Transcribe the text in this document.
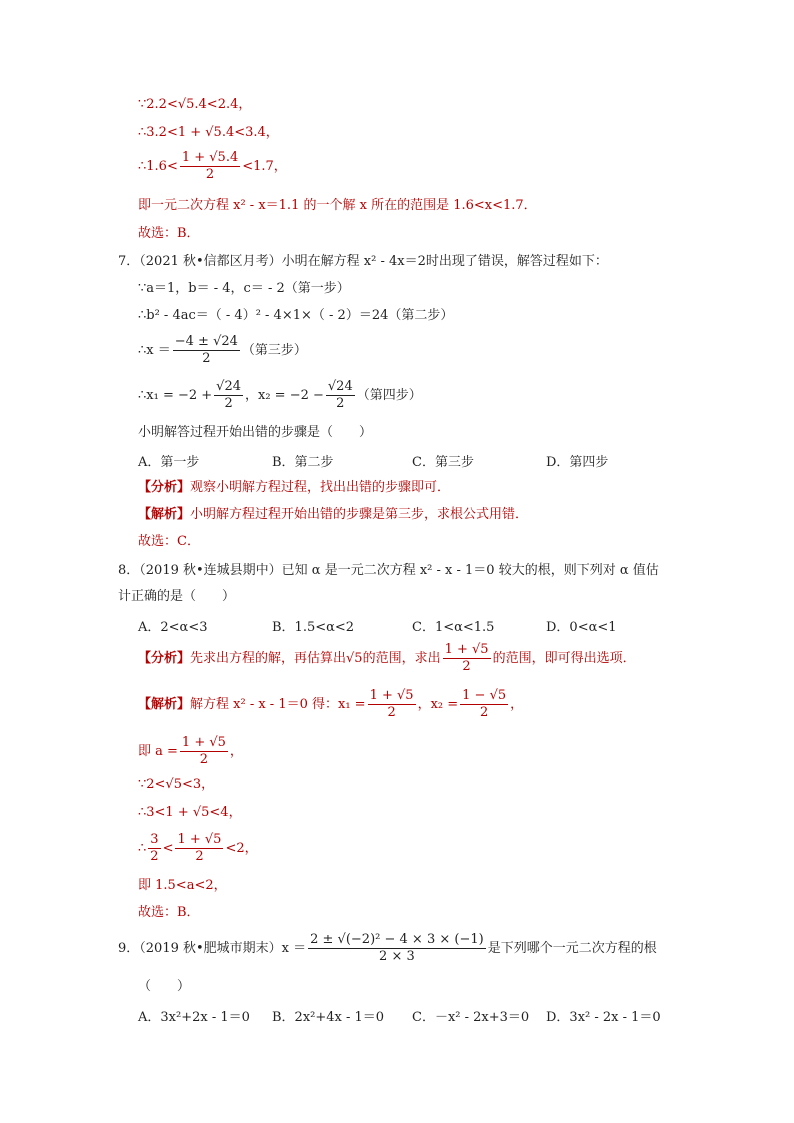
∵2.2<√5.4<2.4，
∴3.2<1 + √5.4<3.4，
∴1.6< $\frac{1 + √5.4}{2} <1.7$，
即一元二次方程 x² - x＝1.1 的一个解 x 所在的范围是 1.6<x<1.7．
故选：B．
7．（2021 秋•信都区月考）小明在解方程 x² - 4x＝2时出现了错误，解答过程如下：
∵a＝1，b＝ - 4，c＝ - 2（第一步）
∴b² - 4ac＝（ - 4）² - 4×1×（ - 2）＝24（第二步）
∴x ＝ $\frac{-4 \pm √24}{2}$ （第三步）
∴x₁ = $-2 + \frac{√24}{2}$ ，$x_2 = -2 - \frac{√24}{2}$ （第四步）
小明解答过程开始出错的步骤是（　　）
A．第一步	B．第二步	C．第三步	D．第四步
【分析】观察小明解方程过程，找出出错的步骤即可．
【解析】小明解方程过程开始出错的步骤是第三步，求根公式用错．
故选：C．
8．（2019 秋•连城县期中）已知 α 是一元二次方程 x² - x - 1＝0 较大的根，则下列对 α 值估
计正确的是（　　）
A．2<α<3	B．1.5<α<2	C．1<α<1.5	D．0<α<1
【分析】先求出方程的解，再估算出√5的范围，求出 $\frac{1 + √5}{2}$ 的范围，即可得出选项．
【解析】解方程 x² - x - 1＝0 得：$x_1 = \frac{1 + √5}{2}$ ，$x_2 = \frac{1 - √5}{2}$ ，
即 $a = \frac{1 + √5}{2}$ ，
∵2<√5<3，
∴3<1 + √5<4，
∴ $\frac{3}{2} < \frac{1 + √5}{2} <2$，
即 1.5<a<2，
故选：B．
9．（2019 秋•肥城市期末）$x = \frac{\text{2 ± √(−2)² − 4 × 3 × (−1)}}{2 \times 3}$ 是下列哪个一元二次方程的根
（　　）
A．3x²+2x - 1＝0 B．2x²+4x - 1＝0 C．－x² - 2x+3＝0 D．3x² - 2x - 1＝0
